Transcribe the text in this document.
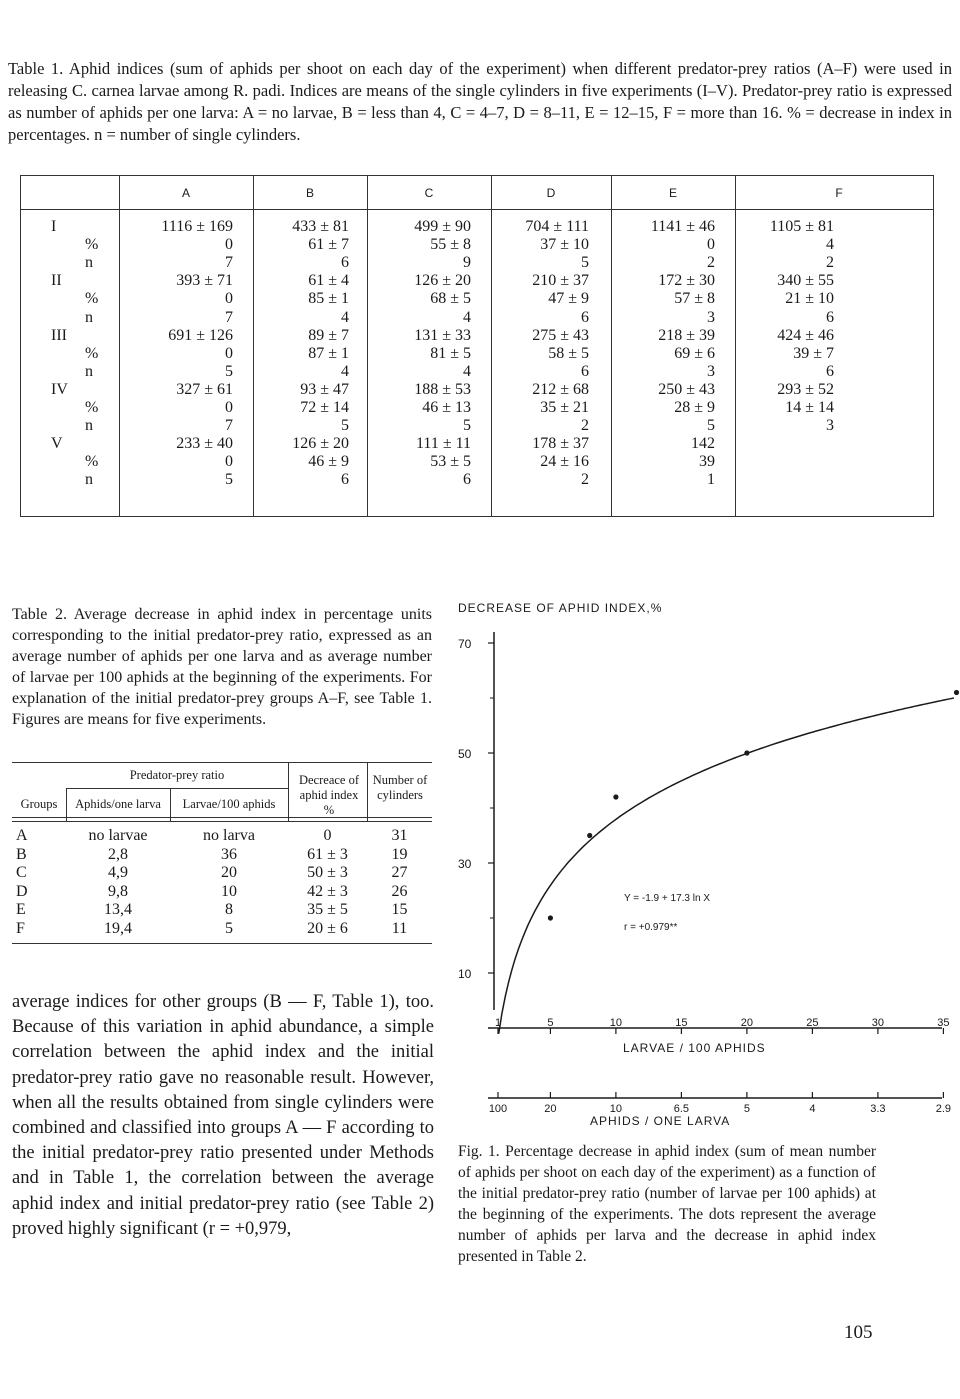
Table 1. Aphid indices (sum of aphids per shoot on each day of the experiment) when different predator-prey ratios (A–F) were used in releasing C. carnea larvae among R. padi. Indices are means of the single cylinders in five experiments (I–V). Predator-prey ratio is expressed as number of aphids per one larva: A = no larvae, B = less than 4, C = 4–7, D = 8–11, E = 12–15, F = more than 16. % = decrease in index in percentages. n = number of single cylinders.
A	B	C	D	E	F
I	1116 ± 169	433 ± 81	499 ± 90	704 ± 111	1141 ± 46	1105 ± 81
%	0	61 ± 7	55 ± 8	37 ± 10	0	4
n	7	6	9	5	2	2
II	393 ± 71	61 ± 4	126 ± 20	210 ± 37	172 ± 30	340 ± 55
%	0	85 ± 1	68 ± 5	47 ± 9	57 ± 8	21 ± 10
n	7	4	4	6	3	6
III	691 ± 126	89 ± 7	131 ± 33	275 ± 43	218 ± 39	424 ± 46
%	0	87 ± 1	81 ± 5	58 ± 5	69 ± 6	39 ± 7
n	5	4	4	6	3	6
IV	327 ± 61	93 ± 47	188 ± 53	212 ± 68	250 ± 43	293 ± 52
%	0	72 ± 14	46 ± 13	35 ± 21	28 ± 9	14 ± 14
n	7	5	5	2	5	3
V	233 ± 40	126 ± 20	111 ± 11	178 ± 37	142
%	0	46 ± 9	53 ± 5	24 ± 16	39
n	5	6	6	2	1
Table 2. Average decrease in aphid index in percentage units corresponding to the initial predator-prey ratio, expressed as an average number of aphids per one larva and as average number of larvae per 100 aphids at the beginning of the experiments. For explanation of the initial predator-prey groups A–F, see Table 1. Figures are means for five experiments.
Predator-prey ratio
Groups	Aphids/one larva	Larvae/100 aphids
Decreace of aphid index %
Number of cylinders
A	no larvae	no larva	0	31
B	2,8	36	61 ± 3	19
C	4,9	20	50 ± 3	27
D	9,8	10	42 ± 3	26
E	13,4	8	35 ± 5	15
F	19,4	5	20 ± 6	11
average indices for other groups (B — F, Table 1), too. Because of this variation in aphid abundance, a simple correlation between the aphid index and the initial predator-prey ratio gave no reasonable result. However, when all the results obtained from single cylinders were combined and classified into groups A — F according to the initial predator-prey ratio presented under Methods and in Table 1, the correlation between the average aphid index and initial predator-prey ratio (see Table 2) proved highly significant (r = +0,979,
DECREASE OF APHID INDEX,%
70
50
30
10
1	5	10	15	20	25	30	35
100	20	10	6.5	5	4	3.3	2.9
LARVAE / 100 APHIDS
APHIDS / ONE LARVA
Y = -1.9 + 17.3 ln X
r = +0.979**
Fig. 1. Percentage decrease in aphid index (sum of mean number of aphids per shoot on each day of the experiment) as a function of the initial predator-prey ratio (number of larvae per 100 aphids) at the beginning of the experiments. The dots represent the average number of aphids per larva and the decrease in aphid index presented in Table 2.
105
